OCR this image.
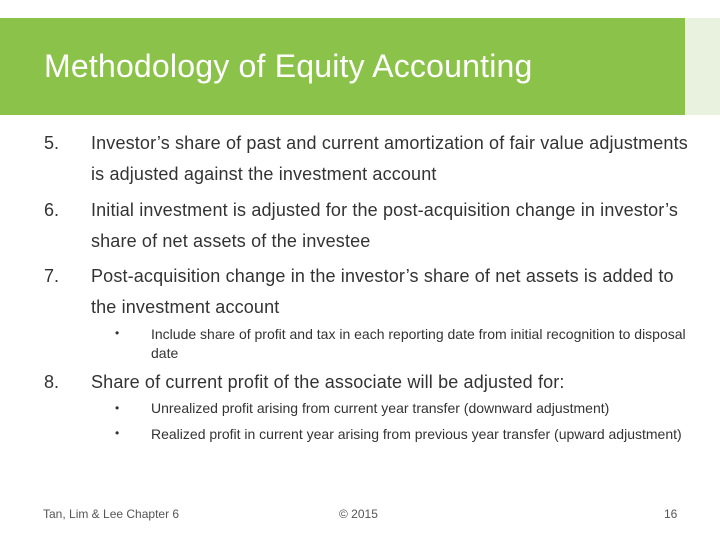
Methodology of Equity Accounting
5. Investor’s share of past and current amortization of fair value adjustments is adjusted against the investment account
6. Initial investment is adjusted for the post-acquisition change in investor’s share of net assets of the investee
7. Post-acquisition change in the investor’s share of net assets is added to the investment account
• Include share of profit and tax in each reporting date from initial recognition to disposal date
8. Share of current profit of the associate will be adjusted for:
• Unrealized profit arising from current year transfer (downward adjustment)
• Realized profit in current year arising from previous year transfer (upward adjustment)
Tan, Lim & Lee Chapter 6	© 2015	16
